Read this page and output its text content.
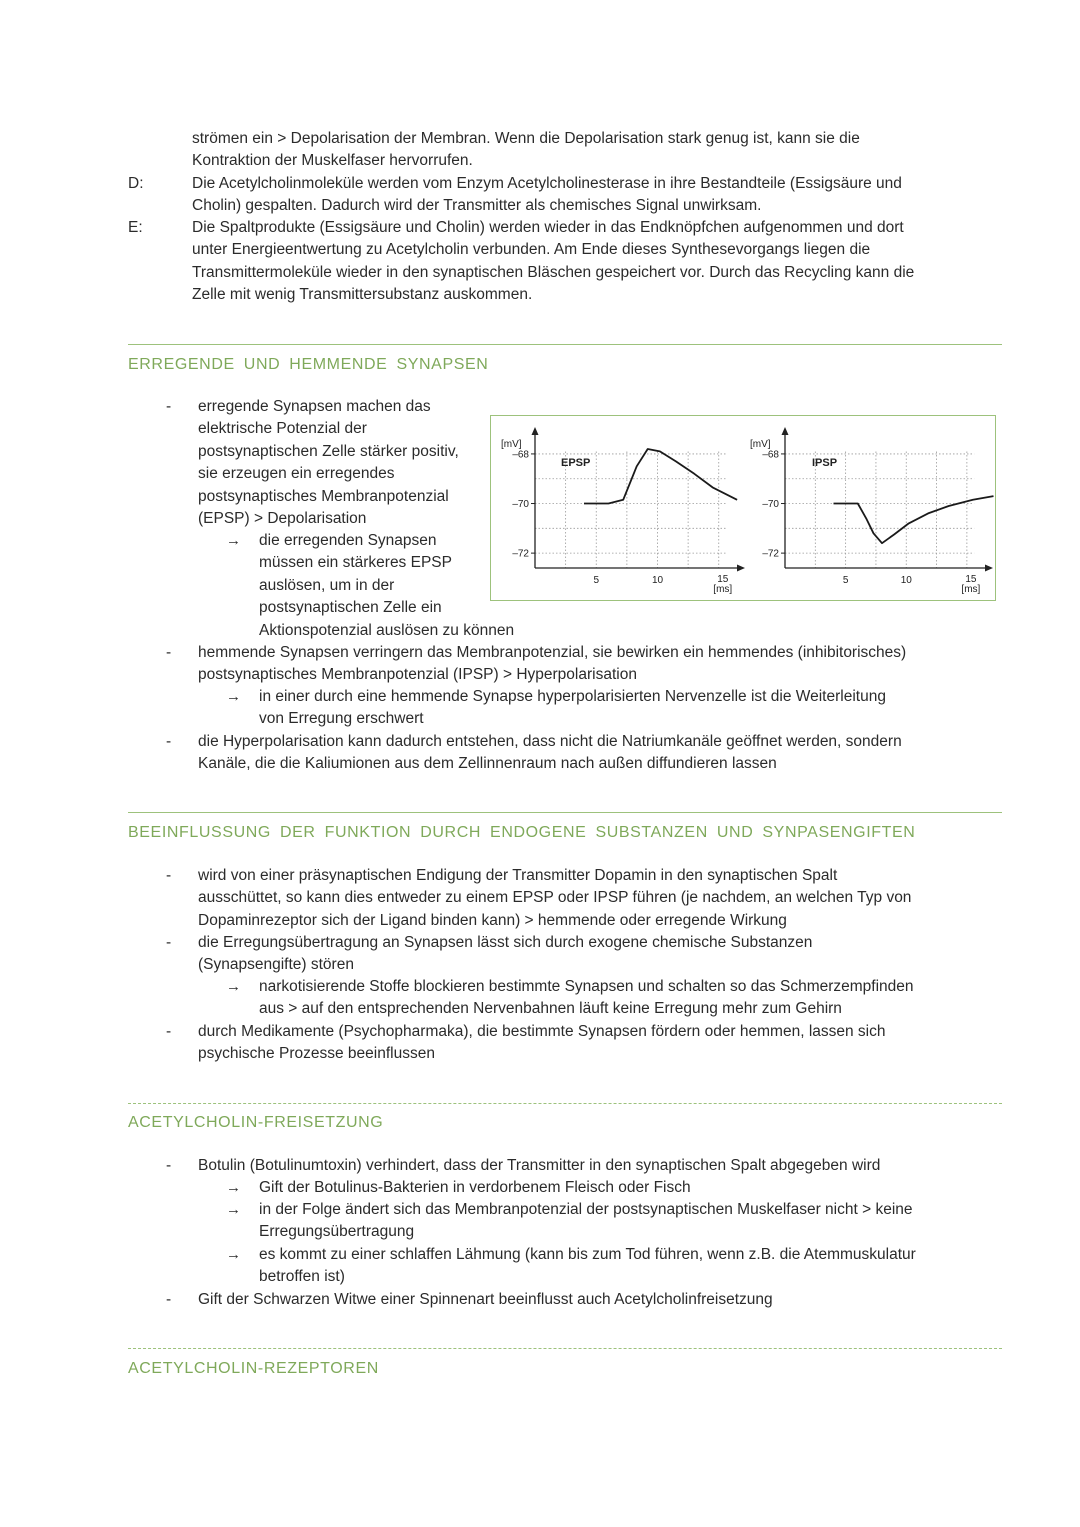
strömen ein > Depolarisation der Membran. Wenn die Depolarisation stark genug ist, kann sie die
Kontraktion der Muskelfaser hervorrufen.
D:	Die Acetylcholinmoleküle werden vom Enzym Acetylcholinesterase in ihre Bestandteile (Essigsäure und
Cholin) gespalten. Dadurch wird der Transmitter als chemisches Signal unwirksam.
E:	Die Spaltprodukte (Essigsäure und Cholin) werden wieder in das Endknöpfchen aufgenommen und dort
unter Energieentwertung zu Acetylcholin verbunden. Am Ende dieses Synthesevorgangs liegen die
Transmittermoleküle wieder in den synaptischen Bläschen gespeichert vor. Durch das Recycling kann die
Zelle mit wenig Transmittersubstanz auskommen.
ERREGENDE UND HEMMENDE SYNAPSEN
- erregende Synapsen machen das
elektrische Potenzial der
postsynaptischen Zelle stärker positiv,
sie erzeugen ein erregendes
postsynaptisches Membranpotenzial
(EPSP) > Depolarisation
→ die erregenden Synapsen
müssen ein stärkeres EPSP
auslösen, um in der
postsynaptischen Zelle ein
Aktionspotenzial auslösen zu können
[mV]
EPSP
–68
–70
–72
5	10	15
[ms]
[mV]
IPSP
–68
–70
–72
5	10	15
[ms]
- hemmende Synapsen verringern das Membranpotenzial, sie bewirken ein hemmendes (inhibitorisches)
postsynaptisches Membranpotenzial (IPSP) > Hyperpolarisation
→ in einer durch eine hemmende Synapse hyperpolarisierten Nervenzelle ist die Weiterleitung
von Erregung erschwert
- die Hyperpolarisation kann dadurch entstehen, dass nicht die Natriumkanäle geöffnet werden, sondern
Kanäle, die die Kaliumionen aus dem Zellinnenraum nach außen diffundieren lassen
BEEINFLUSSUNG DER FUNKTION DURCH ENDOGENE SUBSTANZEN UND SYNPASENGIFTEN
- wird von einer präsynaptischen Endigung der Transmitter Dopamin in den synaptischen Spalt
ausschüttet, so kann dies entweder zu einem EPSP oder IPSP führen (je nachdem, an welchen Typ von
Dopaminrezeptor sich der Ligand binden kann) > hemmende oder erregende Wirkung
- die Erregungsübertragung an Synapsen lässt sich durch exogene chemische Substanzen
(Synapsengifte) stören
→ narkotisierende Stoffe blockieren bestimmte Synapsen und schalten so das Schmerzempfinden
aus > auf den entsprechenden Nervenbahnen läuft keine Erregung mehr zum Gehirn
- durch Medikamente (Psychopharmaka), die bestimmte Synapsen fördern oder hemmen, lassen sich
psychische Prozesse beeinflussen
ACETYLCHOLIN-FREISETZUNG
- Botulin (Botulinumtoxin) verhindert, dass der Transmitter in den synaptischen Spalt abgegeben wird
→ Gift der Botulinus-Bakterien in verdorbenem Fleisch oder Fisch
→ in der Folge ändert sich das Membranpotenzial der postsynaptischen Muskelfaser nicht > keine
Erregungsübertragung
→ es kommt zu einer schlaffen Lähmung (kann bis zum Tod führen, wenn z.B. die Atemmuskulatur
betroffen ist)
- Gift der Schwarzen Witwe einer Spinnenart beeinflusst auch Acetylcholinfreisetzung
ACETYLCHOLIN-REZEPTOREN
